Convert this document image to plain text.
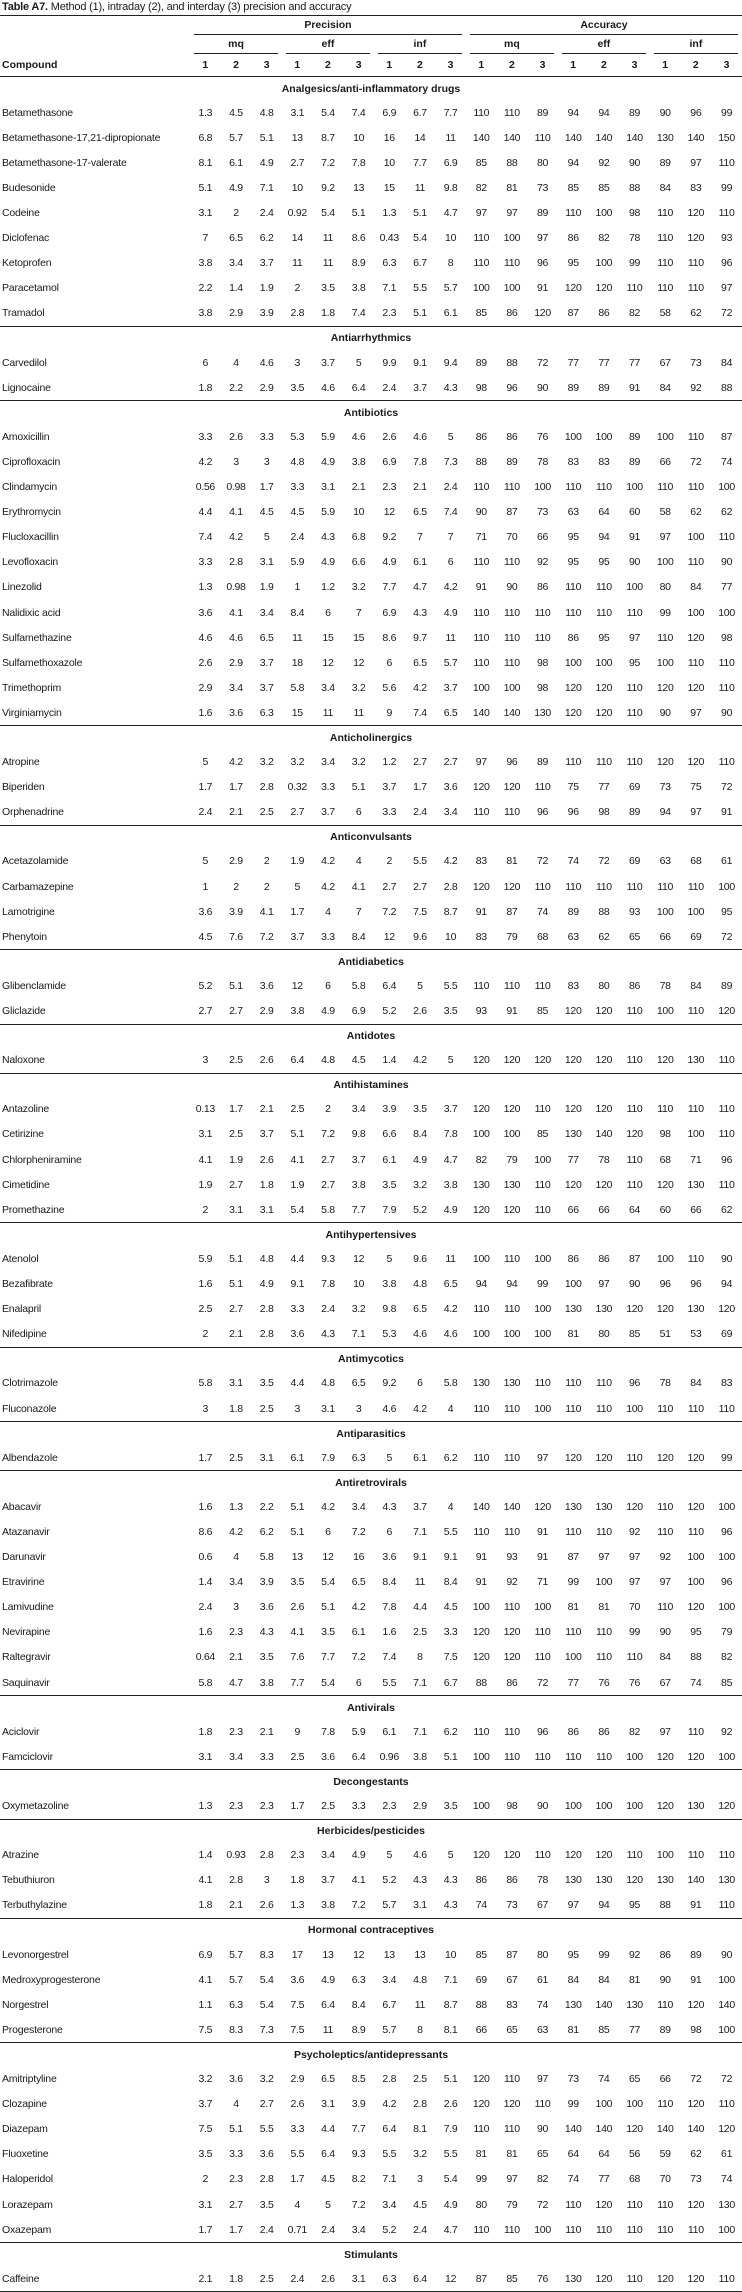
Table A7. Method (1), intraday (2), and interday (3) precision and accuracy

	Precision									Accuracy								

	mq			eff			inf			mq			eff			inf		

Compound	1	2	3	1	2	3	1	2	3	1	2	3	1	2	3	1	2	3
Analgesics/anti-inflammatory drugs																		
Betamethasone	1.3	4.5	4.8	3.1	5.4	7.4	6.9	6.7	7.7	110	110	89	94	94	89	90	96	99
Betamethasone-17,21-dipropionate	6.8	5.7	5.1	13	8.7	10	16	14	11	140	140	110	140	140	140	130	140	150
Betamethasone-17-valerate	8.1	6.1	4.9	2.7	7.2	7.8	10	7.7	6.9	85	88	80	94	92	90	89	97	110
Budesonide	5.1	4.9	7.1	10	9.2	13	15	11	9.8	82	81	73	85	85	88	84	83	99
Codeine	3.1	2	2.4	0.92	5.4	5.1	1.3	5.1	4.7	97	97	89	110	100	98	110	120	110
Diclofenac	7	6.5	6.2	14	11	8.6	0.43	5.4	10	110	100	97	86	82	78	110	120	93
Ketoprofen	3.8	3.4	3.7	11	11	8.9	6.3	6.7	8	110	110	96	95	100	99	110	110	96
Paracetamol	2.2	1.4	1.9	2	3.5	3.8	7.1	5.5	5.7	100	100	91	120	120	110	110	110	97
Tramadol	3.8	2.9	3.9	2.8	1.8	7.4	2.3	5.1	6.1	85	86	120	87	86	82	58	62	72
Antiarrhythmics																		
Carvedilol	6	4	4.6	3	3.7	5	9.9	9.1	9.4	89	88	72	77	77	77	67	73	84
Lignocaine	1.8	2.2	2.9	3.5	4.6	6.4	2.4	3.7	4.3	98	96	90	89	89	91	84	92	88
Antibiotics																		
Amoxicillin	3.3	2.6	3.3	5.3	5.9	4.6	2.6	4.6	5	86	86	76	100	100	89	100	110	87
Ciprofloxacin	4.2	3	3	4.8	4.9	3.8	6.9	7.8	7.3	88	89	78	83	83	89	66	72	74
Clindamycin	0.56	0.98	1.7	3.3	3.1	2.1	2.3	2.1	2.4	110	110	100	110	110	100	110	110	100
Erythromycin	4.4	4.1	4.5	4.5	5.9	10	12	6.5	7.4	90	87	73	63	64	60	58	62	62
Flucloxacillin	7.4	4.2	5	2.4	4.3	6.8	9.2	7	7	71	70	66	95	94	91	97	100	110
Levofloxacin	3.3	2.8	3.1	5.9	4.9	6.6	4.9	6.1	6	110	110	92	95	95	90	100	110	90
Linezolid	1.3	0.98	1.9	1	1.2	3.2	7.7	4.7	4.2	91	90	86	110	110	100	80	84	77
Nalidixic acid	3.6	4.1	3.4	8.4	6	7	6.9	4.3	4.9	110	110	110	110	110	110	99	100	100
Sulfamethazine	4.6	4.6	6.5	11	15	15	8.6	9.7	11	110	110	110	86	95	97	110	120	98
Sulfamethoxazole	2.6	2.9	3.7	18	12	12	6	6.5	5.7	110	110	98	100	100	95	100	110	110
Trimethoprim	2.9	3.4	3.7	5.8	3.4	3.2	5.6	4.2	3.7	100	100	98	120	120	110	120	120	110
Virginiamycin	1.6	3.6	6.3	15	11	11	9	7.4	6.5	140	140	130	120	120	110	90	97	90
Anticholinergics																		
Atropine	5	4.2	3.2	3.2	3.4	3.2	1.2	2.7	2.7	97	96	89	110	110	110	120	120	110
Biperiden	1.7	1.7	2.8	0.32	3.3	5.1	3.7	1.7	3.6	120	120	110	75	77	69	73	75	72
Orphenadrine	2.4	2.1	2.5	2.7	3.7	6	3.3	2.4	3.4	110	110	96	96	98	89	94	97	91
Anticonvulsants																		
Acetazolamide	5	2.9	2	1.9	4.2	4	2	5.5	4.2	83	81	72	74	72	69	63	68	61
Carbamazepine	1	2	2	5	4.2	4.1	2.7	2.7	2.8	120	120	110	110	110	110	110	110	100
Lamotrigine	3.6	3.9	4.1	1.7	4	7	7.2	7.5	8.7	91	87	74	89	88	93	100	100	95
Phenytoin	4.5	7.6	7.2	3.7	3.3	8.4	12	9.6	10	83	79	68	63	62	65	66	69	72
Antidiabetics																		
Glibenclamide	5.2	5.1	3.6	12	6	5.8	6.4	5	5.5	110	110	110	83	80	86	78	84	89
Gliclazide	2.7	2.7	2.9	3.8	4.9	6.9	5.2	2.6	3.5	93	91	85	120	120	110	100	110	120
Antidotes																		
Naloxone	3	2.5	2.6	6.4	4.8	4.5	1.4	4.2	5	120	120	120	120	120	110	120	130	110
Antihistamines																		
Antazoline	0.13	1.7	2.1	2.5	2	3.4	3.9	3.5	3.7	120	120	110	120	120	110	110	110	110
Cetirizine	3.1	2.5	3.7	5.1	7.2	9.8	6.6	8.4	7.8	100	100	85	130	140	120	98	100	110
Chlorpheniramine	4.1	1.9	2.6	4.1	2.7	3.7	6.1	4.9	4.7	82	79	100	77	78	110	68	71	96
Cimetidine	1.9	2.7	1.8	1.9	2.7	3.8	3.5	3.2	3.8	130	130	110	120	120	110	120	130	110
Promethazine	2	3.1	3.1	5.4	5.8	7.7	7.9	5.2	4.9	120	120	110	66	66	64	60	66	62
Antihypertensives																		
Atenolol	5.9	5.1	4.8	4.4	9.3	12	5	9.6	11	100	110	100	86	86	87	100	110	90
Bezafibrate	1.6	5.1	4.9	9.1	7.8	10	3.8	4.8	6.5	94	94	99	100	97	90	96	96	94
Enalapril	2.5	2.7	2.8	3.3	2.4	3.2	9.8	6.5	4.2	110	110	100	130	130	120	120	130	120
Nifedipine	2	2.1	2.8	3.6	4.3	7.1	5.3	4.6	4.6	100	100	100	81	80	85	51	53	69
Antimycotics																		
Clotrimazole	5.8	3.1	3.5	4.4	4.8	6.5	9.2	6	5.8	130	130	110	110	110	96	78	84	83
Fluconazole	3	1.8	2.5	3	3.1	3	4.6	4.2	4	110	110	100	110	110	100	110	110	110
Antiparasitics																		
Albendazole	1.7	2.5	3.1	6.1	7.9	6.3	5	6.1	6.2	110	110	97	120	120	110	120	120	99
Antiretrovirals																		
Abacavir	1.6	1.3	2.2	5.1	4.2	3.4	4.3	3.7	4	140	140	120	130	130	120	110	120	100
Atazanavir	8.6	4.2	6.2	5.1	6	7.2	6	7.1	5.5	110	110	91	110	110	92	110	110	96
Darunavir	0.6	4	5.8	13	12	16	3.6	9.1	9.1	91	93	91	87	97	97	92	100	100
Etravirine	1.4	3.4	3.9	3.5	5.4	6.5	8.4	11	8.4	91	92	71	99	100	97	97	100	96
Lamivudine	2.4	3	3.6	2.6	5.1	4.2	7.8	4.4	4.5	100	110	100	81	81	70	110	120	100
Nevirapine	1.6	2.3	4.3	4.1	3.5	6.1	1.6	2.5	3.3	120	120	110	110	110	99	90	95	79
Raltegravir	0.64	2.1	3.5	7.6	7.7	7.2	7.4	8	7.5	120	120	110	100	110	110	84	88	82
Saquinavir	5.8	4.7	3.8	7.7	5.4	6	5.5	7.1	6.7	88	86	72	77	76	76	67	74	85
Antivirals																		
Aciclovir	1.8	2.3	2.1	9	7.8	5.9	6.1	7.1	6.2	110	110	96	86	86	82	97	110	92
Famciclovir	3.1	3.4	3.3	2.5	3.6	6.4	0.96	3.8	5.1	100	110	110	110	110	100	120	120	100
Decongestants																		
Oxymetazoline	1.3	2.3	2.3	1.7	2.5	3.3	2.3	2.9	3.5	100	98	90	100	100	100	120	130	120
Herbicides/pesticides																		
Atrazine	1.4	0.93	2.8	2.3	3.4	4.9	5	4.6	5	120	120	110	120	120	110	100	110	110
Tebuthiuron	4.1	2.8	3	1.8	3.7	4.1	5.2	4.3	4.3	86	86	78	130	130	120	130	140	130
Terbuthylazine	1.8	2.1	2.6	1.3	3.8	7.2	5.7	3.1	4.3	74	73	67	97	94	95	88	91	110
Hormonal contraceptives																		
Levonorgestrel	6.9	5.7	8.3	17	13	12	13	13	10	85	87	80	95	99	92	86	89	90
Medroxyprogesterone	4.1	5.7	5.4	3.6	4.9	6.3	3.4	4.8	7.1	69	67	61	84	84	81	90	91	100
Norgestrel	1.1	6.3	5.4	7.5	6.4	8.4	6.7	11	8.7	88	83	74	130	140	130	110	120	140
Progesterone	7.5	8.3	7.3	7.5	11	8.9	5.7	8	8.1	66	65	63	81	85	77	89	98	100
Psycholeptics/antidepressants																		
Amitriptyline	3.2	3.6	3.2	2.9	6.5	8.5	2.8	2.5	5.1	120	110	97	73	74	65	66	72	72
Clozapine	3.7	4	2.7	2.6	3.1	3.9	4.2	2.8	2.6	120	120	110	99	100	100	110	120	110
Diazepam	7.5	5.1	5.5	3.3	4.4	7.7	6.4	8.1	7.9	110	110	90	140	140	120	140	140	120
Fluoxetine	3.5	3.3	3.6	5.5	6.4	9.3	5.5	3.2	5.5	81	81	65	64	64	56	59	62	61
Haloperidol	2	2.3	2.8	1.7	4.5	8.2	7.1	3	5.4	99	97	82	74	77	68	70	73	74
Lorazepam	3.1	2.7	3.5	4	5	7.2	3.4	4.5	4.9	80	79	72	110	120	110	110	120	130
Oxazepam	1.7	1.7	2.4	0.71	2.4	3.4	5.2	2.4	4.7	110	110	100	110	110	110	110	110	100
Stimulants																		
Caffeine	2.1	1.8	2.5	2.4	2.6	3.1	6.3	6.4	12	87	85	76	130	120	110	120	120	110
